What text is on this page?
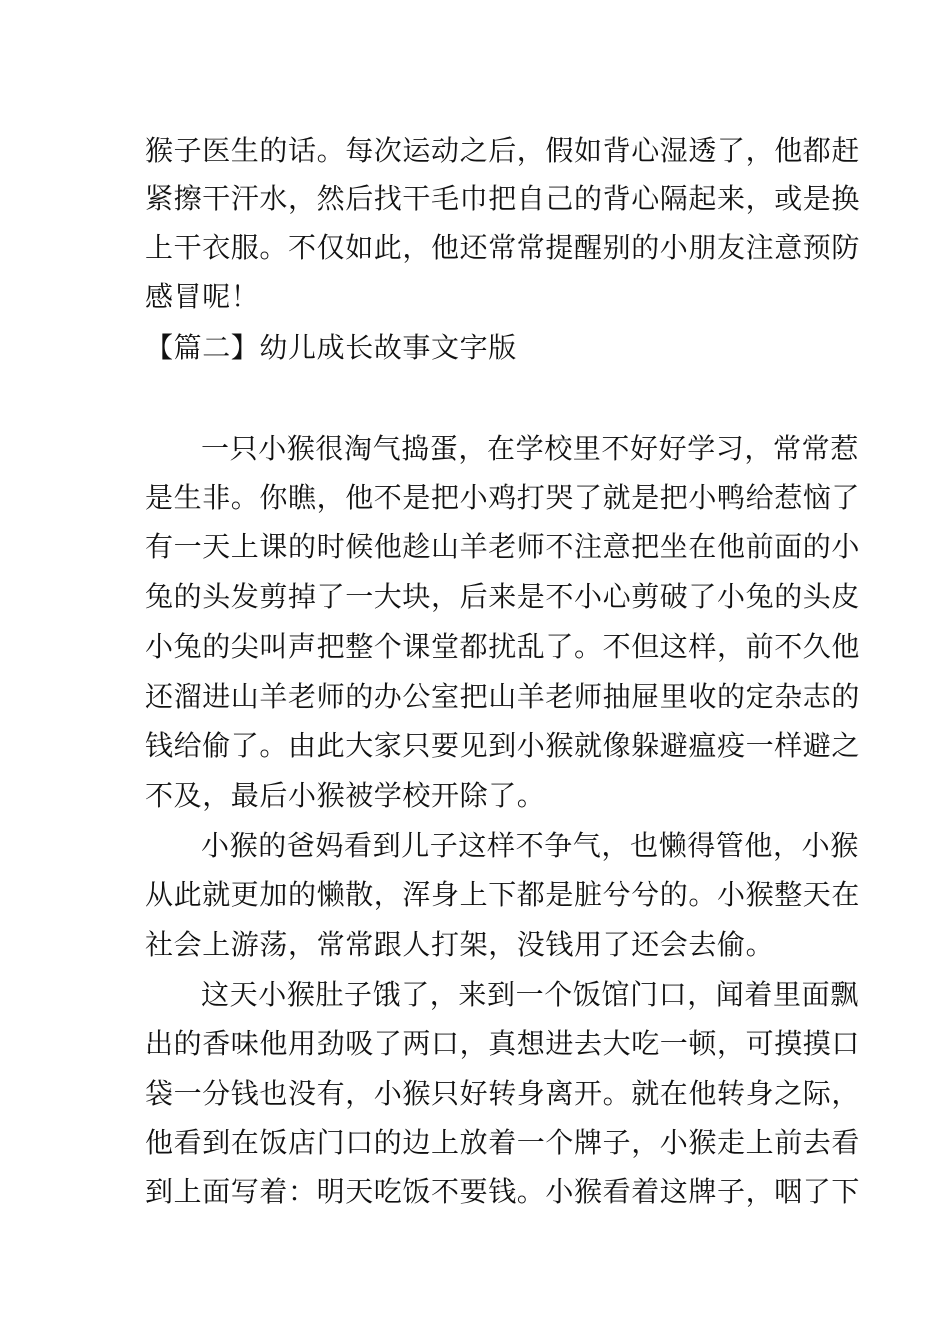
猴子医生的话。每次运动之后，假如背心湿透了，他都赶
紧擦干汗水，然后找干毛巾把自己的背心隔起来，或是换
上干衣服。不仅如此，他还常常提醒别的小朋友注意预防
感冒呢！
【篇二】幼儿成长故事文字版
一只小猴很淘气捣蛋，在学校里不好好学习，常常惹
是生非。你瞧，他不是把小鸡打哭了就是把小鸭给惹恼了
有一天上课的时候他趁山羊老师不注意把坐在他前面的小
兔的头发剪掉了一大块，后来是不小心剪破了小兔的头皮
小兔的尖叫声把整个课堂都扰乱了。不但这样，前不久他
还溜进山羊老师的办公室把山羊老师抽屉里收的定杂志的
钱给偷了。由此大家只要见到小猴就像躲避瘟疫一样避之
不及，最后小猴被学校开除了。
小猴的爸妈看到儿子这样不争气，也懒得管他，小猴
从此就更加的懒散，浑身上下都是脏兮兮的。小猴整天在
社会上游荡，常常跟人打架，没钱用了还会去偷。
这天小猴肚子饿了，来到一个饭馆门口，闻着里面飘
出的香味他用劲吸了两口，真想进去大吃一顿，可摸摸口
袋一分钱也没有，小猴只好转身离开。就在他转身之际，
他看到在饭店门口的边上放着一个牌子，小猴走上前去看
到上面写着：明天吃饭不要钱。小猴看着这牌子，咽了下
